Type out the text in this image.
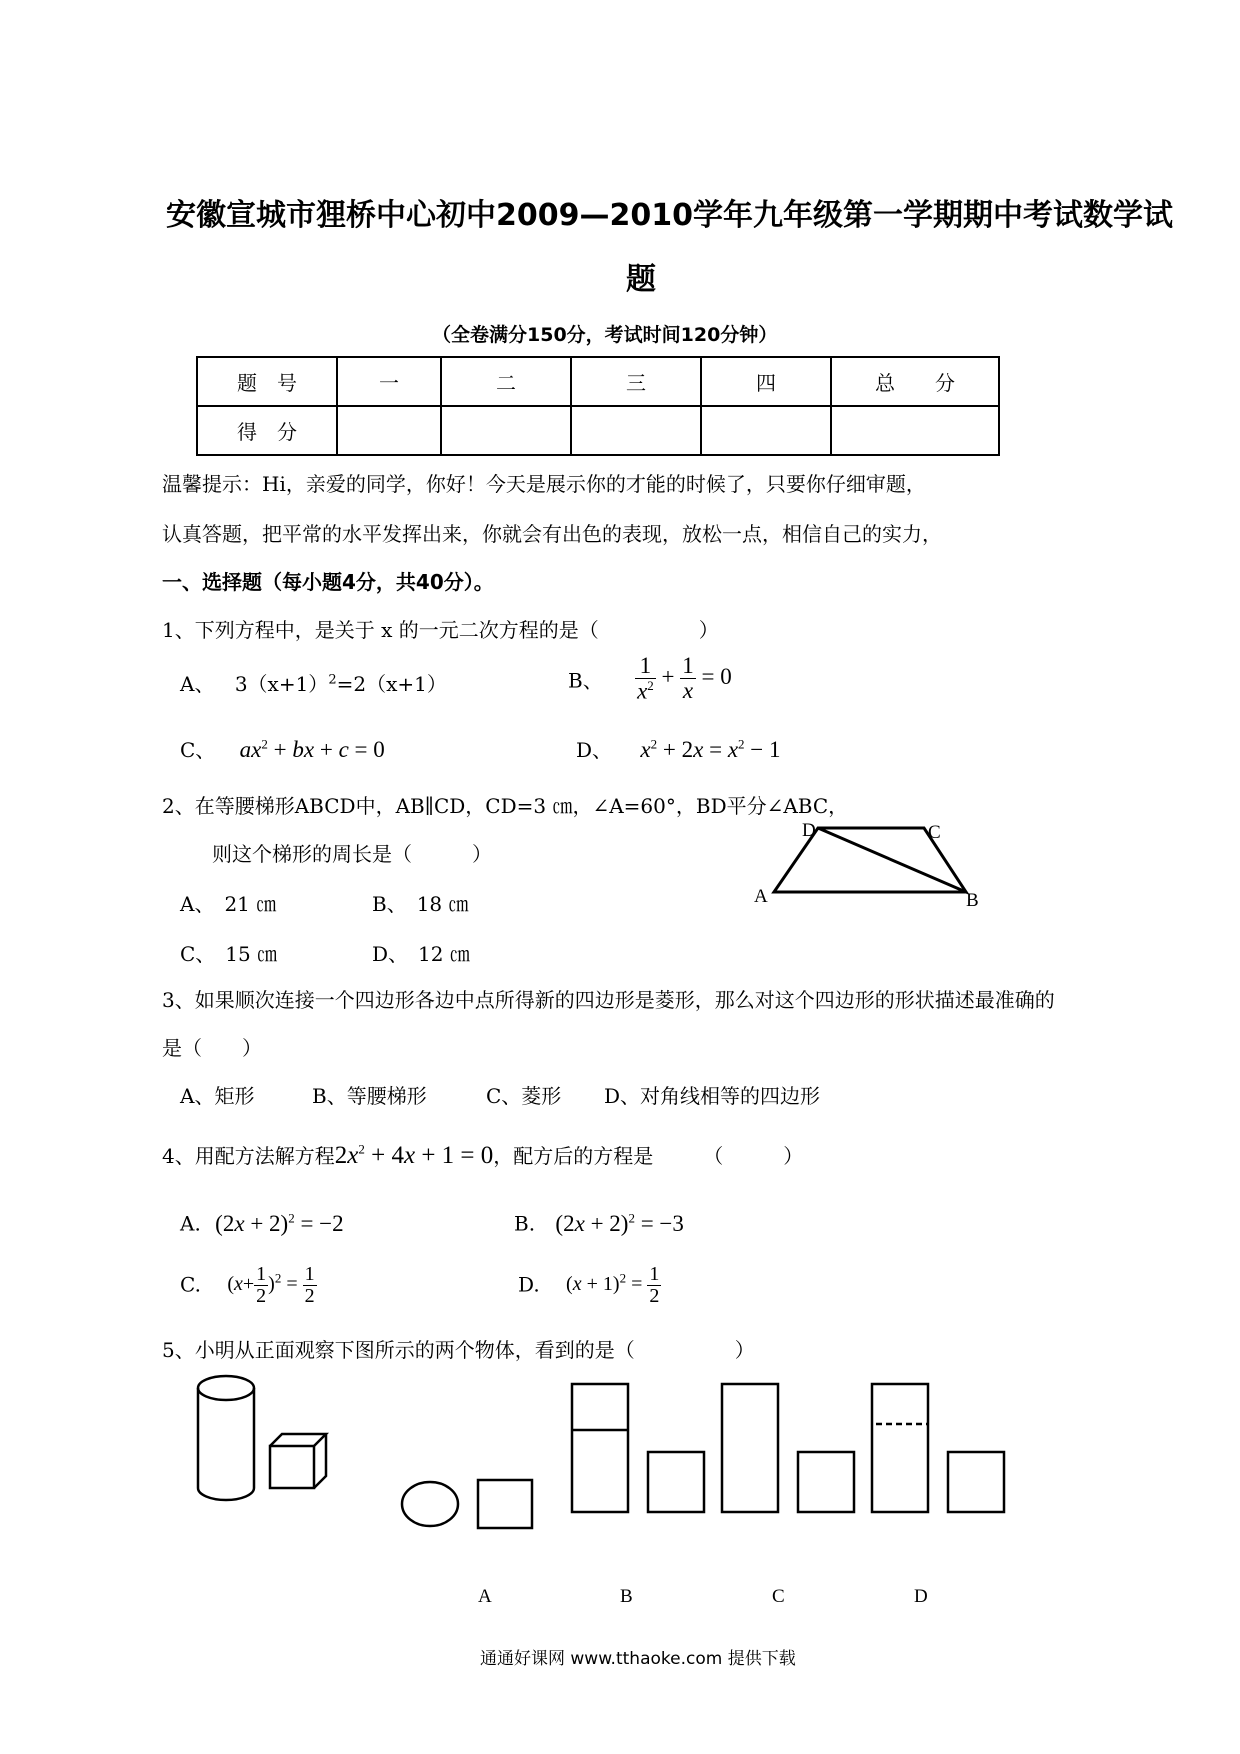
安徽宣城市狸桥中心初中2009—2010学年九年级第一学期期中考试数学试
题
（全卷满分150分，考试时间120分钟）
题　号	一	二	三	四	总　　分
得　分					
温馨提示：Hi，亲爱的同学，你好！今天是展示你的才能的时候了，只要你仔细审题，
认真答题，把平常的水平发挥出来，你就会有出色的表现，放松一点，相信自己的实力，
一、选择题（每小题4分，共40分）。
1、下列方程中，是关于 x 的一元二次方程的是（　　　　　）
A、 $3(x+1)^2=2(x+1)$	B、 $\frac{1}{x^2} + \frac{1}{x} = 0$
C、 $ax^2$ + bx + c = 0	D、 $x^2 + 2x = x^2 - 1$
2、在等腰梯形ABCD中，AB∥CD，CD=3 ㎝，∠A=60°，BD平分∠ABC，
则这个梯形的周长是（　　　）
A、　21 ㎝	B、　18 ㎝
C、　15 ㎝	D、　12 ㎝
A	B
C
D
3、如果顺次连接一个四边形各边中点所得新的四边形是菱形，那么对这个四边形的形状描述最准确的
是（　　）
A、矩形	B、等腰梯形	C、菱形 D、对角线相等的四边形
4、用配方法解方程$2x^2 + 4x + 1 = 0$，配方后的方程是　　　（　　　）
A. $(2x + 2)^2 = -2$	B. $(2x + 2)^2 = -3$
C. $(x+ \frac{1}{2} )^2 = \frac{1}{2}$	D. $(x + 1)^2 = \frac{1}{2}$
5、小明从正面观察下图所示的两个物体，看到的是（　　　　　）
A	B	C	D
通通好课网 www.tthaoke.com 提供下载
